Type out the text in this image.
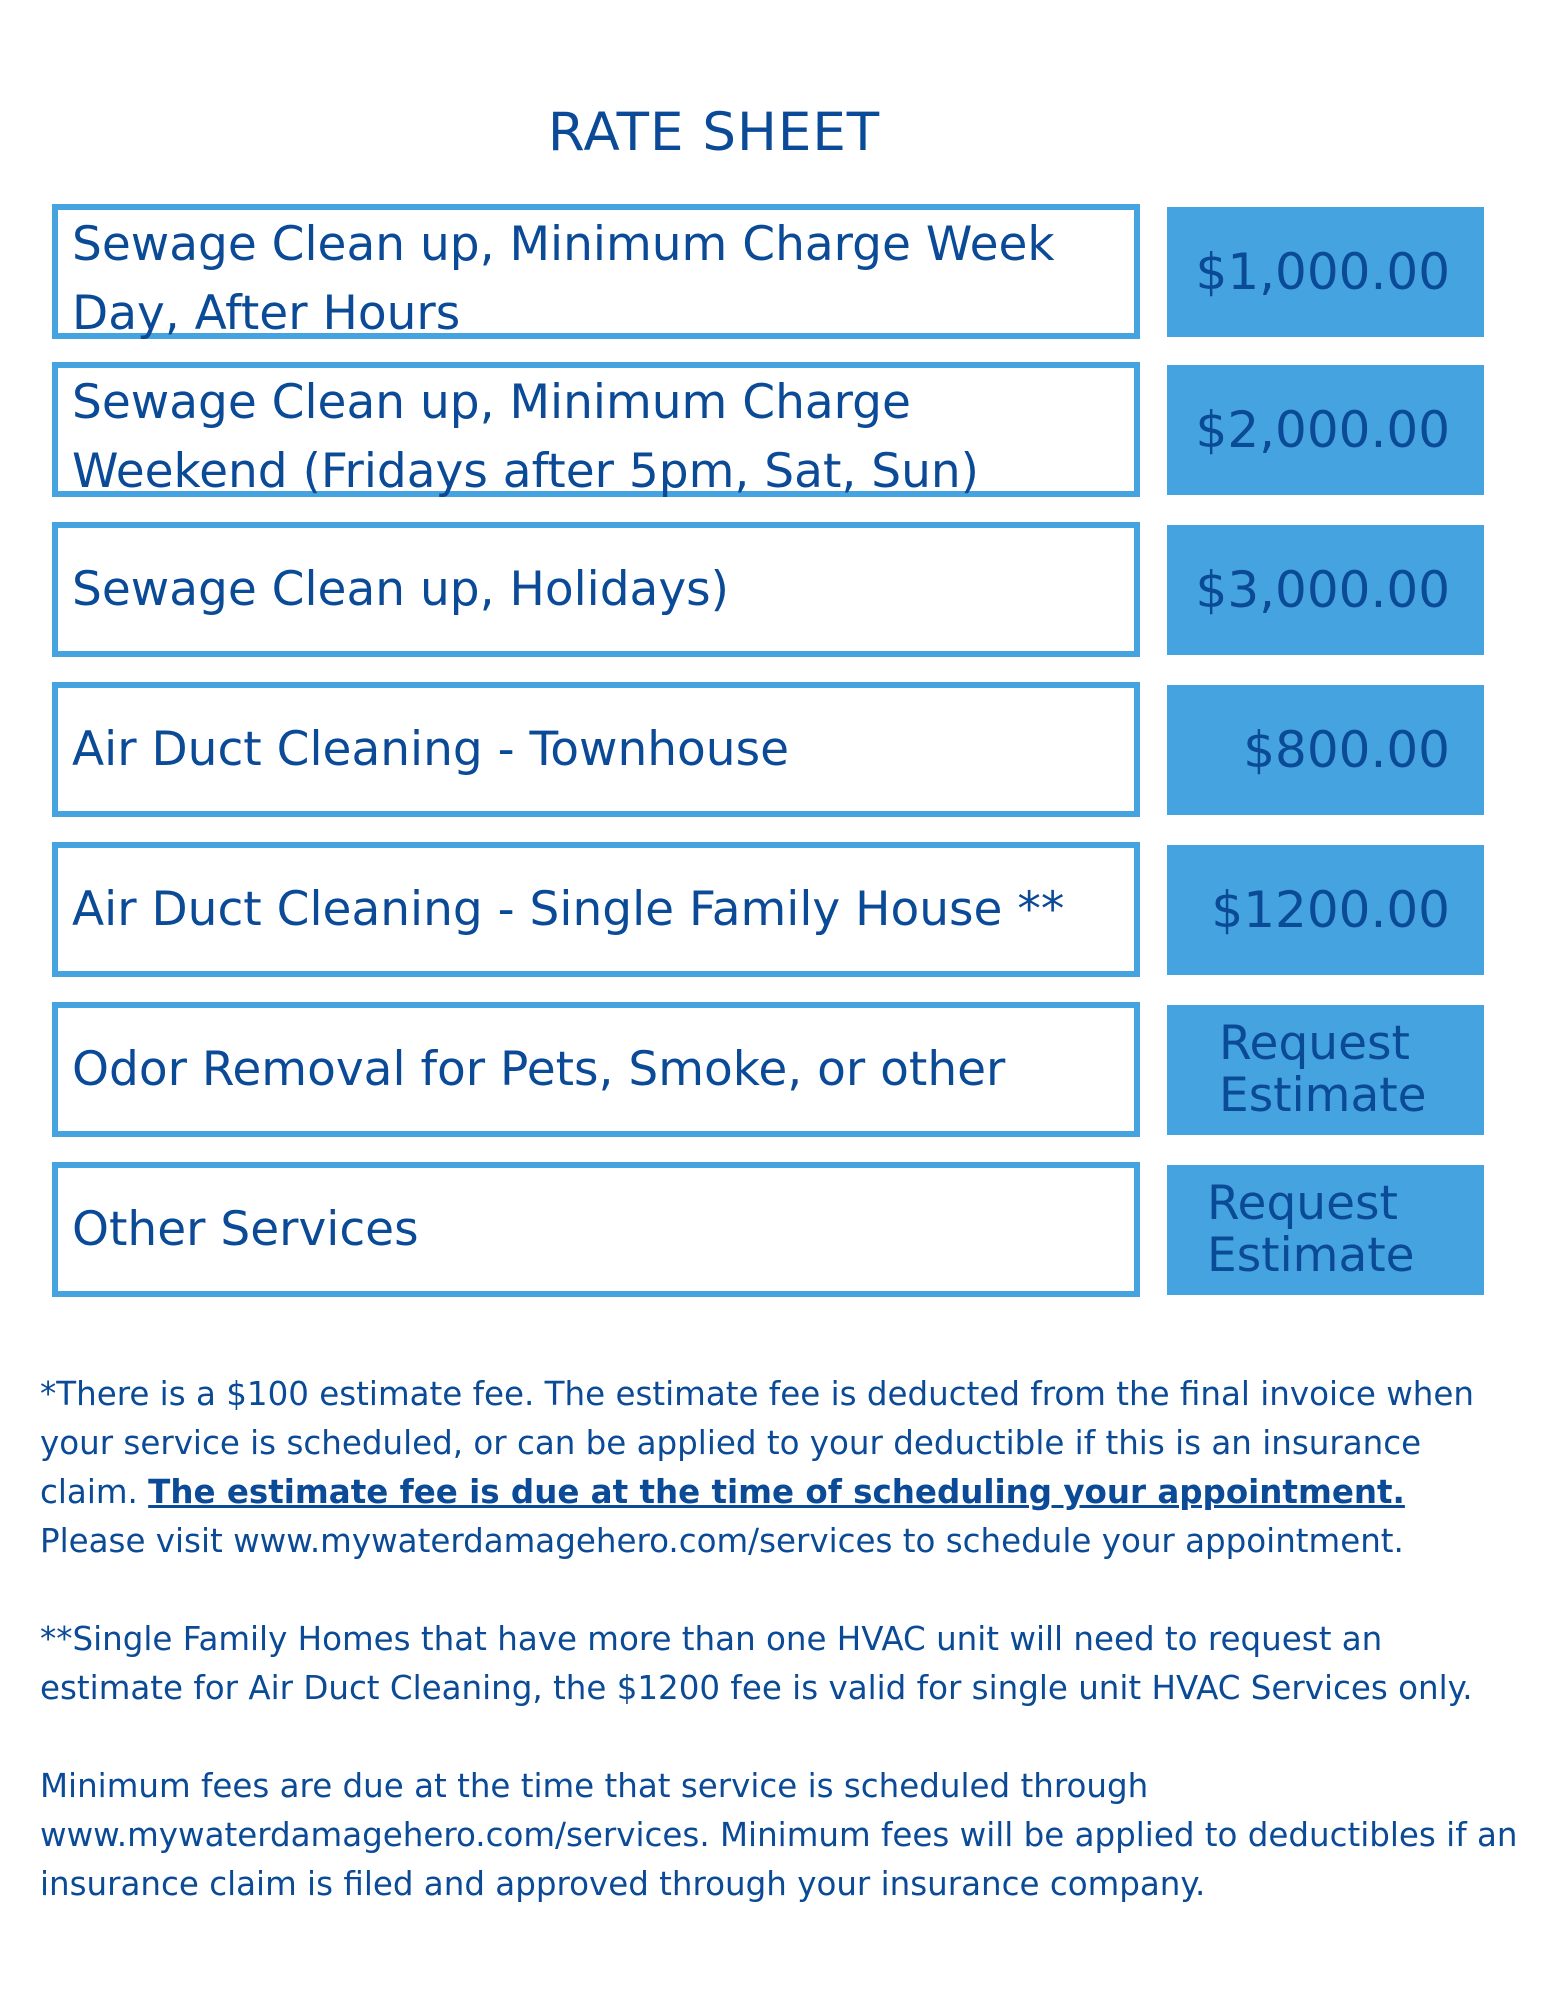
RATE SHEET
Sewage Clean up, Minimum Charge Week Day, After Hours
$1,000.00
Sewage Clean up, Minimum Charge Weekend (Fridays after 5pm, Sat, Sun)
$2,000.00
Sewage Clean up, Holidays)	$3,000.00
Air Duct Cleaning - Townhouse	$800.00
Air Duct Cleaning - Single Family House **	$1200.00
Odor Removal for Pets, Smoke, or other	Request
Estimate
Other Services	Request
Estimate

*There is a $100 estimate fee. The estimate fee is deducted from the final invoice when your service is scheduled, or can be applied to your deductible if this is an insurance claim. The estimate fee is due at the time of scheduling your appointment. Please visit www.mywaterdamagehero.com/services to schedule your appointment.

**Single Family Homes that have more than one HVAC unit will need to request an estimate for Air Duct Cleaning, the $1200 fee is valid for single unit HVAC Services only.

Minimum fees are due at the time that service is scheduled through www.mywaterdamagehero.com/services. Minimum fees will be applied to deductibles if an insurance claim is filed and approved through your insurance company.
